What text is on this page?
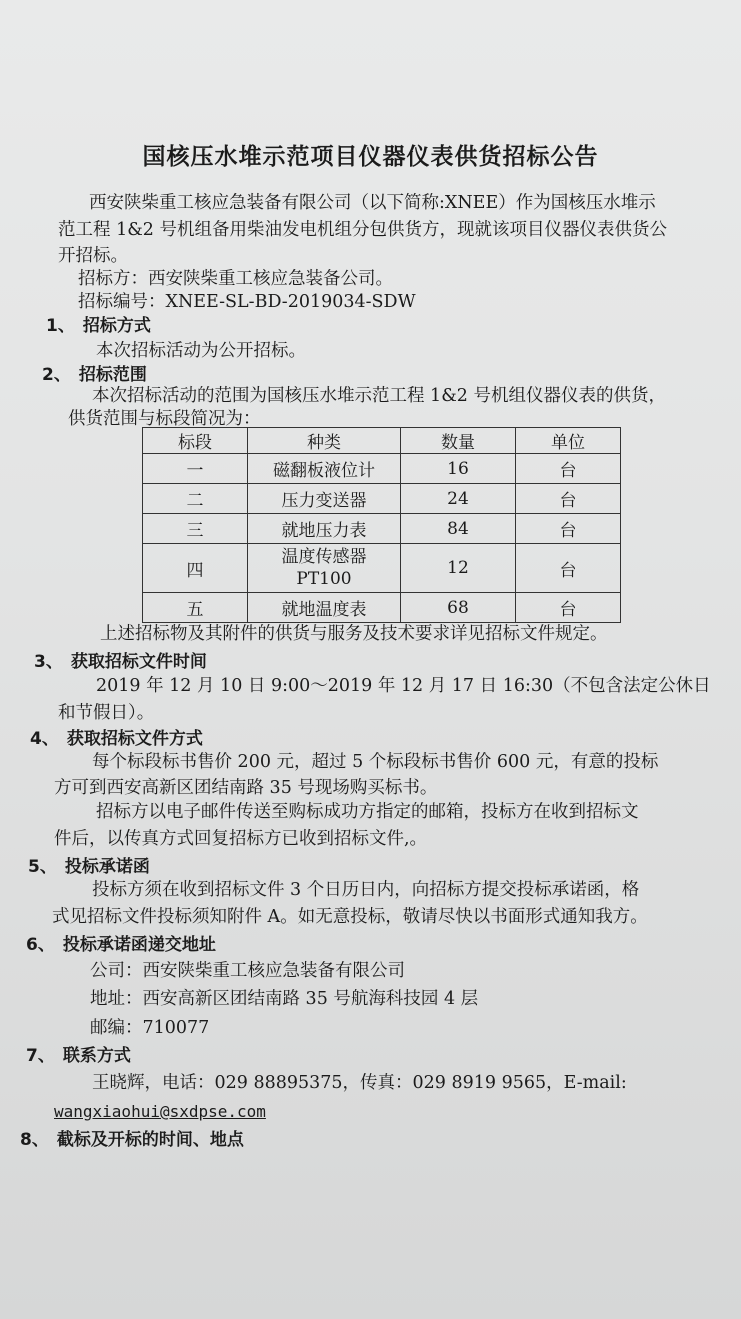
国核压水堆示范项目仪器仪表供货招标公告
西安陕柴重工核应急装备有限公司（以下简称:XNEE）作为国核压水堆示
范工程 1&2 号机组备用柴油发电机组分包供货方，现就该项目仪器仪表供货公
开招标。
招标方：西安陕柴重工核应急装备公司。
招标编号：XNEE-SL-BD-2019034-SDW
1、 招标方式
本次招标活动为公开招标。
2、 招标范围
本次招标活动的范围为国核压水堆示范工程 1&2 号机组仪器仪表的供货，
供货范围与标段简况为：
标段	种类	数量	单位
一	磁翻板液位计	16	台
二	压力变送器	24	台
三	就地压力表	84	台
四	温度传感器 PT100	12	台
五	就地温度表	68	台
上述招标物及其附件的供货与服务及技术要求详见招标文件规定。
3、 获取招标文件时间
2019 年 12 月 10 日 9:00～2019 年 12 月 17 日 16:30（不包含法定公休日
和节假日）。
4、 获取招标文件方式
每个标段标书售价 200 元，超过 5 个标段标书售价 600 元，有意的投标
方可到西安高新区团结南路 35 号现场购买标书。
招标方以电子邮件传送至购标成功方指定的邮箱，投标方在收到招标文
件后，以传真方式回复招标方已收到招标文件,。
5、 投标承诺函
投标方须在收到招标文件 3 个日历日内，向招标方提交投标承诺函，格
式见招标文件投标须知附件 A。如无意投标，敬请尽快以书面形式通知我方。
6、 投标承诺函递交地址
公司：西安陕柴重工核应急装备有限公司
地址：西安高新区团结南路 35 号航海科技园 4 层
邮编：710077
7、 联系方式
王晓辉，电话：029 88895375，传真：029 8919 9565，E-mail:
wangxiaohui@sxdpse.com
8、 截标及开标的时间、地点
